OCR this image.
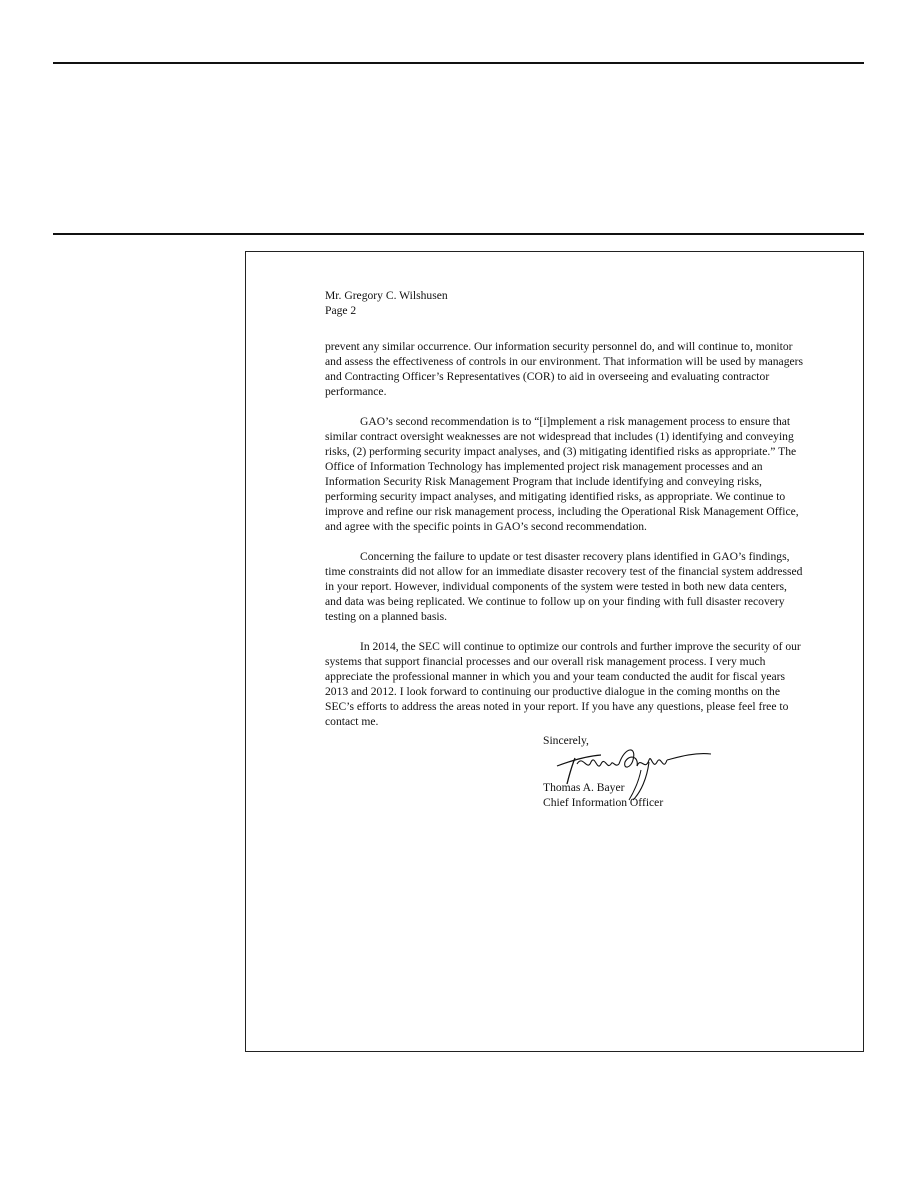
Mr. Gregory C. Wilshusen

Page 2

prevent any similar occurrence. Our information security personnel do, and will continue to, monitor and assess the effectiveness of controls in our environment. That information will be used by managers and Contracting Officer’s Representatives (COR) to aid in overseeing and evaluating contractor performance.

GAO’s second recommendation is to “[i]mplement a risk management process to ensure that similar contract oversight weaknesses are not widespread that includes (1) identifying and conveying risks, (2) performing security impact analyses, and (3) mitigating identified risks as appropriate.” The Office of Information Technology has implemented project risk management processes and an Information Security Risk Management Program that include identifying and conveying risks, performing security impact analyses, and mitigating identified risks, as appropriate. We continue to improve and refine our risk management process, including the Operational Risk Management Office, and agree with the specific points in GAO’s second recommendation.

Concerning the failure to update or test disaster recovery plans identified in GAO’s findings, time constraints did not allow for an immediate disaster recovery test of the financial system addressed in your report. However, individual components of the system were tested in both new data centers, and data was being replicated. We continue to follow up on your finding with full disaster recovery testing on a planned basis.

In 2014, the SEC will continue to optimize our controls and further improve the security of our systems that support financial processes and our overall risk management process. I very much appreciate the professional manner in which you and your team conducted the audit for fiscal years 2013 and 2012. I look forward to continuing our productive dialogue in the coming months on the SEC’s efforts to address the areas noted in your report. If you have any questions, please feel free to contact me.

Sincerely,

Thomas A. Bayer

Chief Information Officer
